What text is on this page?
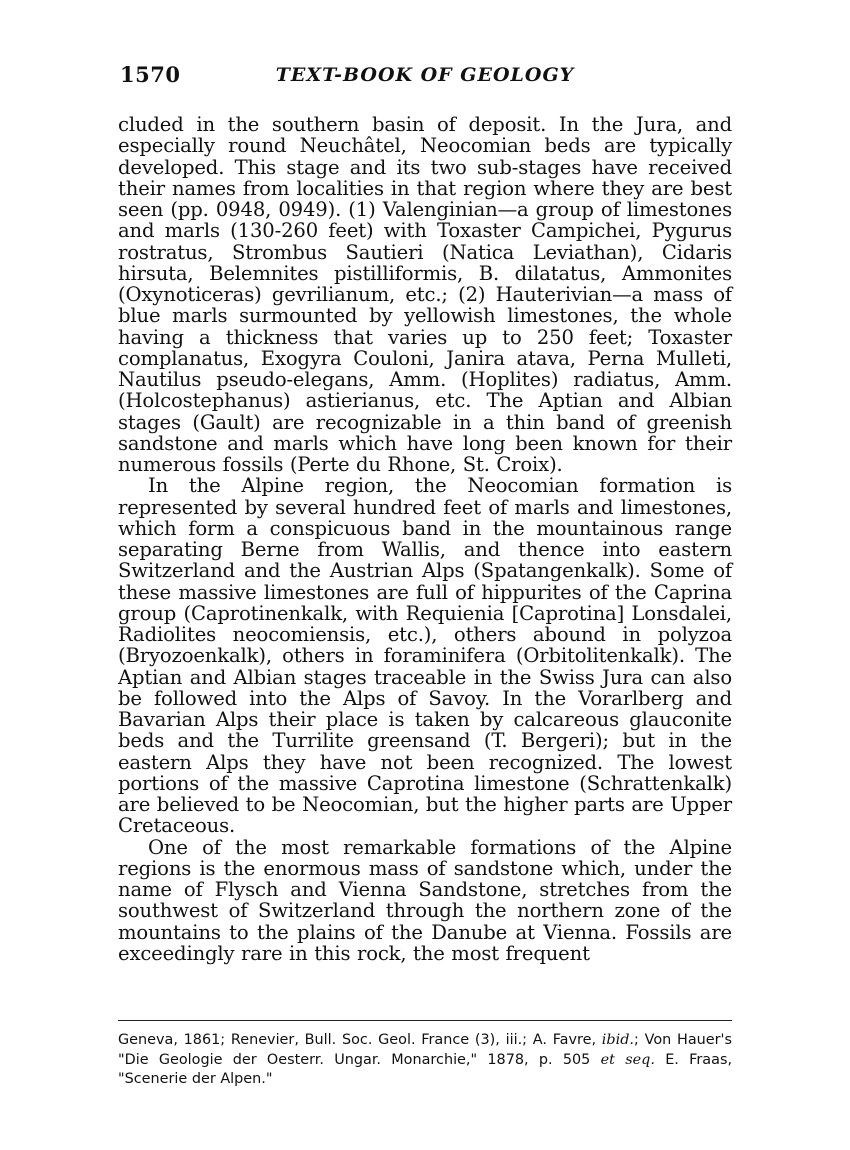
1570	TEXT-BOOK OF GEOLOGY

cluded in the southern basin of deposit. In the Jura, and especially round Neuchâtel, Neocomian beds are typically developed. This stage and its two sub-stages have received their names from localities in that region where they are best seen (pp. 0948, 0949). (1) Valenginian—a group of limestones and marls (130-260 feet) with Toxaster Campichei, Pygurus rostratus, Strombus Sautieri (Natica Leviathan), Cidaris hirsuta, Belemnites pistilliformis, B. dilatatus, Ammonites (Oxynoticeras) gevrilianum, etc.; (2) Hauterivian—a mass of blue marls surmounted by yellowish limestones, the whole having a thickness that varies up to 250 feet; Toxaster complanatus, Exogyra Couloni, Janira atava, Perna Mulleti, Nautilus pseudo-elegans, Amm. (Hoplites) radiatus, Amm. (Holcostephanus) astierianus, etc. The Aptian and Albian stages (Gault) are recognizable in a thin band of greenish sandstone and marls which have long been known for their numerous fossils (Perte du Rhone, St. Croix).

In the Alpine region, the Neocomian formation is represented by several hundred feet of marls and limestones, which form a conspicuous band in the mountainous range separating Berne from Wallis, and thence into eastern Switzerland and the Austrian Alps (Spatangenkalk). Some of these massive limestones are full of hippurites of the Caprina group (Caprotinenkalk, with Requienia [Caprotina] Lonsdalei, Radiolites neocomiensis, etc.), others abound in polyzoa (Bryozoenkalk), others in foraminifera (Orbitolitenkalk). The Aptian and Albian stages traceable in the Swiss Jura can also be followed into the Alps of Savoy. In the Vorarlberg and Bavarian Alps their place is taken by calcareous glauconite beds and the Turrilite greensand (T. Bergeri); but in the eastern Alps they have not been recognized. The lowest portions of the massive Caprotina limestone (Schrattenkalk) are believed to be Neocomian, but the higher parts are Upper Cretaceous.

One of the most remarkable formations of the Alpine regions is the enormous mass of sandstone which, under the name of Flysch and Vienna Sandstone, stretches from the southwest of Switzerland through the northern zone of the mountains to the plains of the Danube at Vienna. Fossils are exceedingly rare in this rock, the most frequent

Geneva, 1861; Renevier, Bull. Soc. Geol. France (3), iii.; A. Favre, ibid.; Von Hauer's "Die Geologie der Oesterr. Ungar. Monarchie," 1878, p. 505 et seq. E. Fraas, "Scenerie der Alpen."
